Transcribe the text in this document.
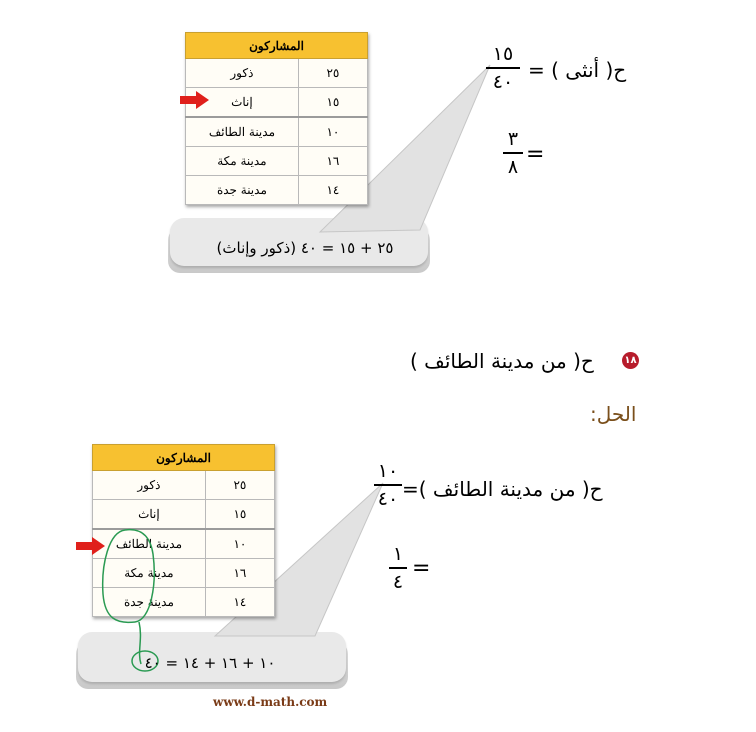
المشاركون	
ذكور	٢٥
إناث	١٥
مدينة الطائف	١٠
مدينة مكة	١٦
مدينة جدة	١٤
٢٥ + ١٥ = ٤٠ (ذكور وإناث)
ح( أنثى ) =
١٥
٤٠
=
٣
٨
ح( من مدينة الطائف )	١٨
الحل:
المشاركون	
ذكور	٢٥
إناث	١٥
مدينة الطائف	١٠
مدينة مكة	١٦
مدينة جدة	١٤
١٠ + ١٦ + ١٤ = ٤٠
ح( من مدينة الطائف )=
١٠
٤٠
=
١
٤
www.d-math.com
